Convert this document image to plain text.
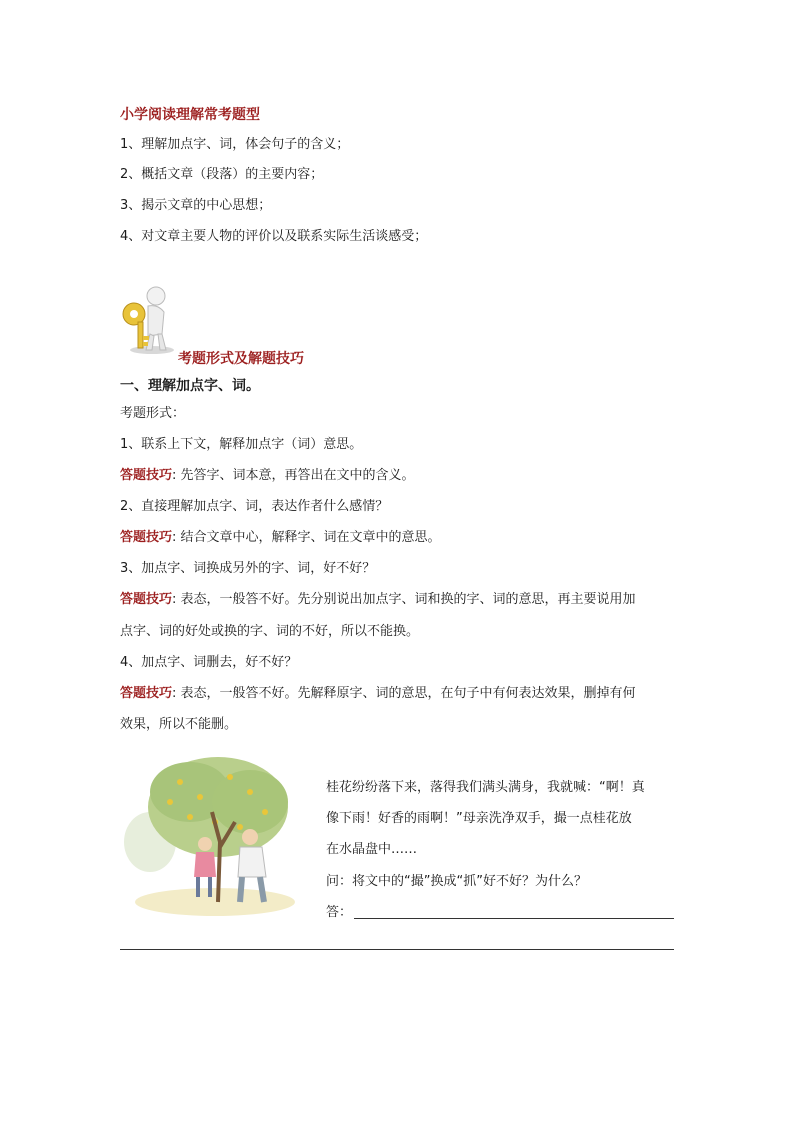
小学阅读理解常考题型
1、理解加点字、词，体会句子的含义；
2、概括文章（段落）的主要内容；
3、揭示文章的中心思想；
4、对文章主要人物的评价以及联系实际生活谈感受；
考题形式及解题技巧
一、理解加点字、词。
考题形式：
1、联系上下文，解释加点字（词）意思。
答题技巧: 先答字、词本意，再答出在文中的含义。
2、直接理解加点字、词，表达作者什么感情？
答题技巧: 结合文章中心，解释字、词在文章中的意思。
3、加点字、词换成另外的字、词，好不好？
答题技巧: 表态，一般答不好。先分别说出加点字、词和换的字、词的意思，再主要说用加
点字、词的好处或换的字、词的不好，所以不能换。
4、加点字、词删去，好不好？
答题技巧: 表态，一般答不好。先解释原字、词的意思，在句子中有何表达效果，删掉有何
效果，所以不能删。
桂花纷纷落下来，落得我们满头满身，我就喊：“啊！真
像下雨！好香的雨啊！”母亲洗净双手，撮一点桂花放
在水晶盘中……
问：将文中的“撮”换成“抓”好不好？为什么？
答：
